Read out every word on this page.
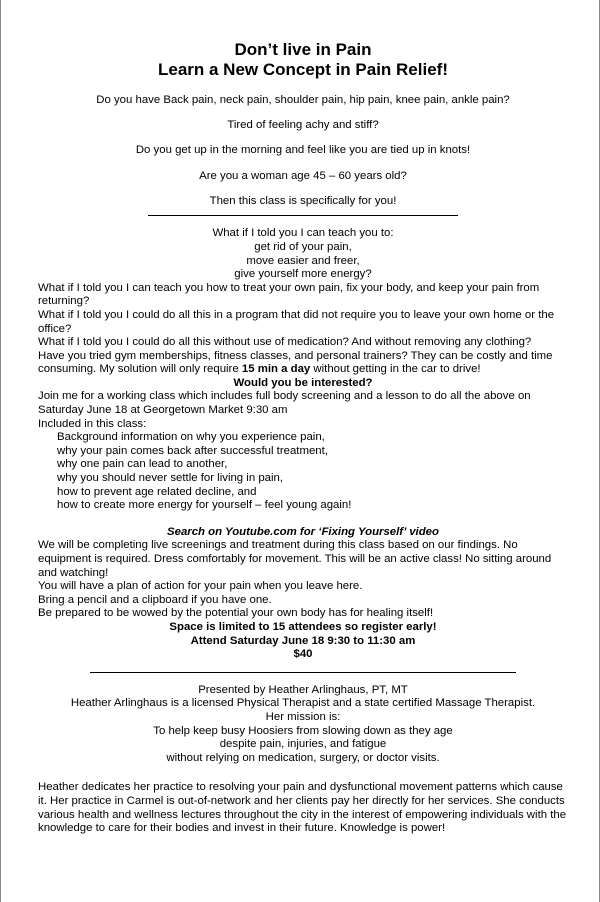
Don’t live in Pain

Learn a New Concept in Pain Relief!

Do you have Back pain, neck pain, shoulder pain, hip pain, knee pain, ankle pain?

Tired of feeling achy and stiff?

Do you get up in the morning and feel like you are tied up in knots!

Are you a woman age 45 – 60 years old?

Then this class is specifically for you!

What if I told you I can teach you to:
get rid of your pain,
move easier and freer,
give yourself more energy?
What if I told you I can teach you how to treat your own pain, fix your body, and keep your pain from returning?
What if I told you I could do all this in a program that did not require you to leave your own home or the office?
What if I told you I could do all this without use of medication? And without removing any clothing?
Have you tried gym memberships, fitness classes, and personal trainers? They can be costly and time consuming. My solution will only require 15 min a day without getting in the car to drive!
Would you be interested?
Join me for a working class which includes full body screening and a lesson to do all the above on Saturday June 18 at Georgetown Market 9:30 am
Included in this class:
Background information on why you experience pain,
why your pain comes back after successful treatment,
why one pain can lead to another,
why you should never settle for living in pain,
how to prevent age related decline, and
how to create more energy for yourself – feel young again!
Search on Youtube.com for ‘Fixing Yourself’ video
We will be completing live screenings and treatment during this class based on our findings. No equipment is required. Dress comfortably for movement. This will be an active class! No sitting around and watching!
You will have a plan of action for your pain when you leave here.
Bring a pencil and a clipboard if you have one.
Be prepared to be wowed by the potential your own body has for healing itself!
Space is limited to 15 attendees so register early!
Attend Saturday June 18 9:30 to 11:30 am
$40
Presented by Heather Arlinghaus, PT, MT
Heather Arlinghaus is a licensed Physical Therapist and a state certified Massage Therapist.
Her mission is:
To help keep busy Hoosiers from slowing down as they age
despite pain, injuries, and fatigue
without relying on medication, surgery, or doctor visits.
Heather dedicates her practice to resolving your pain and dysfunctional movement patterns which cause it. Her practice in Carmel is out-of-network and her clients pay her directly for her services. She conducts various health and wellness lectures throughout the city in the interest of empowering individuals with the knowledge to care for their bodies and invest in their future. Knowledge is power!
